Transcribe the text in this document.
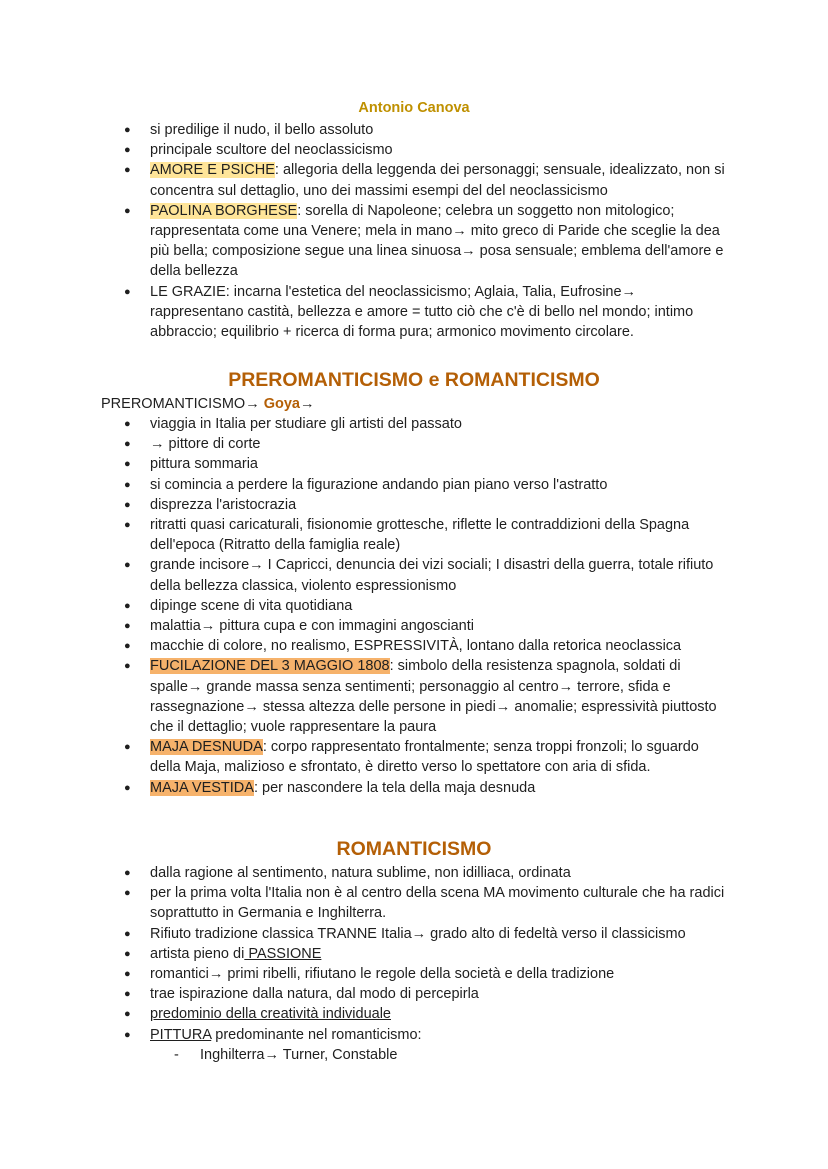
Antonio Canova
● si predilige il nudo, il bello assoluto
● principale scultore del neoclassicismo
● AMORE E PSICHE: allegoria della leggenda dei personaggi; sensuale, idealizzato, non si concentra sul dettaglio, uno dei massimi esempi del del neoclassicismo
● PAOLINA BORGHESE: sorella di Napoleone; celebra un soggetto non mitologico; rappresentata come una Venere; mela in mano→ mito greco di Paride che sceglie la dea più bella; composizione segue una linea sinuosa→ posa sensuale; emblema dell'amore e della bellezza
● LE GRAZIE: incarna l'estetica del neoclassicismo; Aglaia, Talia, Eufrosine→ rappresentano castità, bellezza e amore = tutto ciò che c'è di bello nel mondo; intimo abbraccio; equilibrio + ricerca di forma pura; armonico movimento circolare.
PREROMANTICISMO e ROMANTICISMO
PREROMANTICISMO→ Goya→
● viaggia in Italia per studiare gli artisti del passato
● → pittore di corte
● pittura sommaria
● si comincia a perdere la figurazione andando pian piano verso l'astratto
● disprezza l'aristocrazia
● ritratti quasi caricaturali, fisionomie grottesche, riflette le contraddizioni della Spagna dell'epoca (Ritratto della famiglia reale)
● grande incisore→ I Capricci, denuncia dei vizi sociali; I disastri della guerra, totale rifiuto della bellezza classica, violento espressionismo
● dipinge scene di vita quotidiana
● malattia→ pittura cupa e con immagini angoscianti
● macchie di colore, no realismo, ESPRESSIVITÀ, lontano dalla retorica neoclassica
● FUCILAZIONE DEL 3 MAGGIO 1808: simbolo della resistenza spagnola, soldati di spalle→ grande massa senza sentimenti; personaggio al centro→ terrore, sfida e rassegnazione→ stessa altezza delle persone in piedi→ anomalie; espressività piuttosto che il dettaglio; vuole rappresentare la paura
● MAJA DESNUDA: corpo rappresentato frontalmente; senza troppi fronzoli; lo sguardo della Maja, malizioso e sfrontato, è diretto verso lo spettatore con aria di sfida.
● MAJA VESTIDA: per nascondere la tela della maja desnuda
ROMANTICISMO
● dalla ragione al sentimento, natura sublime, non idilliaca, ordinata
● per la prima volta l'Italia non è al centro della scena MA movimento culturale che ha radici soprattutto in Germania e Inghilterra.
● Rifiuto tradizione classica TRANNE Italia→ grado alto di fedeltà verso il classicismo
● artista pieno di PASSIONE
● romantici→ primi ribelli, rifiutano le regole della società e della tradizione
● trae ispirazione dalla natura, dal modo di percepirla
● predominio della creatività individuale
● PITTURA predominante nel romanticismo:
- Inghilterra→ Turner, Constable
